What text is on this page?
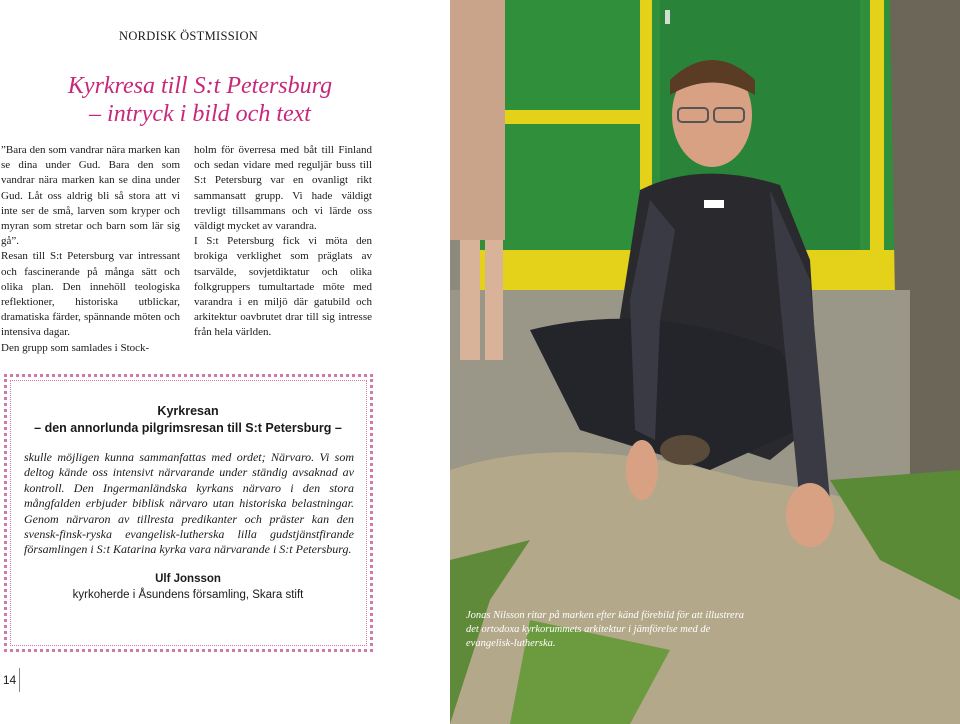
NORDISK ÖSTMISSION
Kyrkresa till S:t Petersburg
– intryck i bild och text

”Bara den som vandrar nära marken kan se dina under Gud. Bara den som vandrar nära marken kan se dina under Gud. Låt oss aldrig bli så stora att vi inte ser de små, larven som kryper och myran som stretar och barn som lär sig gå”.

Resan till S:t Petersburg var intressant och fascinerande på många sätt och olika plan. Den innehöll teologiska reflektioner, historiska utblickar, dramatiska färder, spännande möten och intensiva dagar.

Den grupp som samlades i Stock-

holm för överresa med båt till Finland och sedan vidare med reguljär buss till S:t Petersburg var en ovanligt rikt sammansatt grupp. Vi hade väldigt trevligt tillsammans och vi lärde oss väldigt mycket av varandra.

I S:t Petersburg fick vi möta den brokiga verklighet som präglats av tsarvälde, sovjetdiktatur och olika folkgruppers tumultartade möte med varandra i en miljö där gatubild och arkitektur oavbrutet drar till sig intresse från hela världen.

Jonas Nilsson ritar på marken efter känd förebild för att illustrera det ortodoxa kyrkorummets arkitektur i jämförelse med de evangelisk-lutherska.
Kyrkresan
– den annorlunda pilgrimsresan till S:t Petersburg –
skulle möjligen kunna sammanfattas med ordet; Närvaro. Vi som deltog kände oss intensivt närvarande under ständig avsaknad av kontroll. Den Ingermanländska kyrkans närvaro i den stora mångfalden erbjuder biblisk närvaro utan historiska belastningar. Genom närvaron av tillresta predikanter och präster kan den svensk-finsk-ryska evangelisk-lutherska lilla gudstjänstfirande församlingen i S:t Katarina kyrka vara närvarande i S:t Petersburg.
Ulf Jonsson
kyrkoherde i Åsundens församling, Skara stift
14
